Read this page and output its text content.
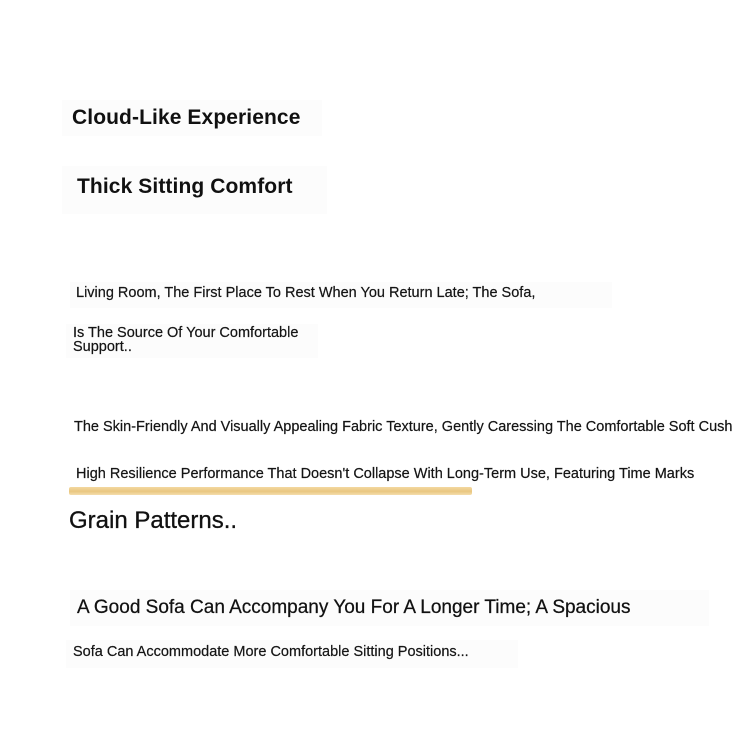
Cloud-Like Experience
Thick Sitting Comfort
Living Room, The First Place To Rest When You Return Late; The Sofa,
Is The Source Of Your Comfortable Support..
The Skin-Friendly And Visually Appealing Fabric Texture, Gently Caressing The Comfortable Soft Cush
High Resilience Performance That Doesn't Collapse With Long-Term Use, Featuring Time Marks
Grain Patterns..
A Good Sofa Can Accompany You For A Longer Time; A Spacious
Sofa Can Accommodate More Comfortable Sitting Positions...
